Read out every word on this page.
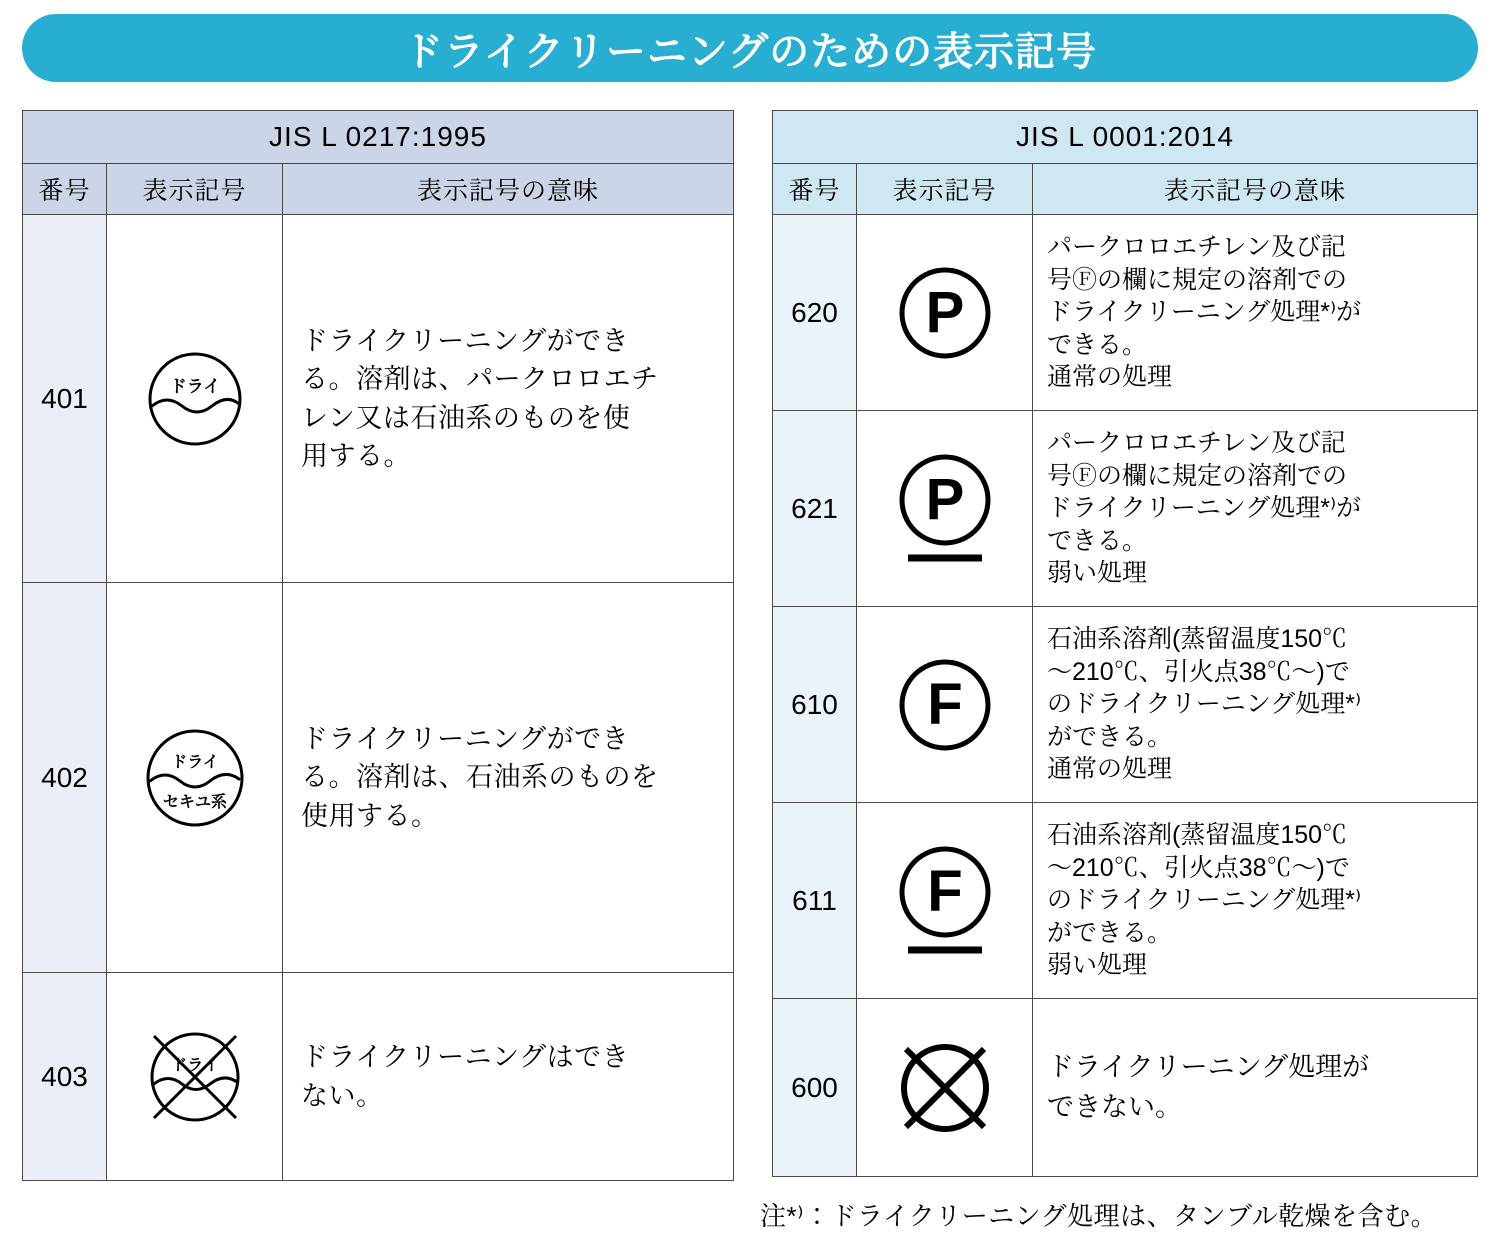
ドライクリーニングのための表示記号
JIS L 0217:1995		
番号	表示記号	表示記号の意味
401	ドライ	ドライクリーニングができ
る。溶剤は、パークロロエチ
レン又は石油系のものを使
用する。

402	ドライ
セキユ系	ドライクリーニングができ
る。溶剤は、石油系のものを
使用する。

403	ドライ	ドライクリーニングはでき
ない。
JIS L 0001:2014		
番号	表示記号	表示記号の意味
620	P	パークロロエチレン及び記
号Ⓕの欄に規定の溶剤での
ドライクリーニング処理*⁾が
できる。
通常の処理

621	P	パークロロエチレン及び記
号Ⓕの欄に規定の溶剤での
ドライクリーニング処理*⁾が
できる。
弱い処理

610	F	石油系溶剤(蒸留温度150℃
〜210℃、引火点38℃〜)で
のドライクリーニング処理*⁾
ができる。
通常の処理

611	F	石油系溶剤(蒸留温度150℃
〜210℃、引火点38℃〜)で
のドライクリーニング処理*⁾
ができる。
弱い処理

600		ドライクリーニング処理が
できない。
注*⁾：ドライクリーニング処理は、タンブル乾燥を含む。
